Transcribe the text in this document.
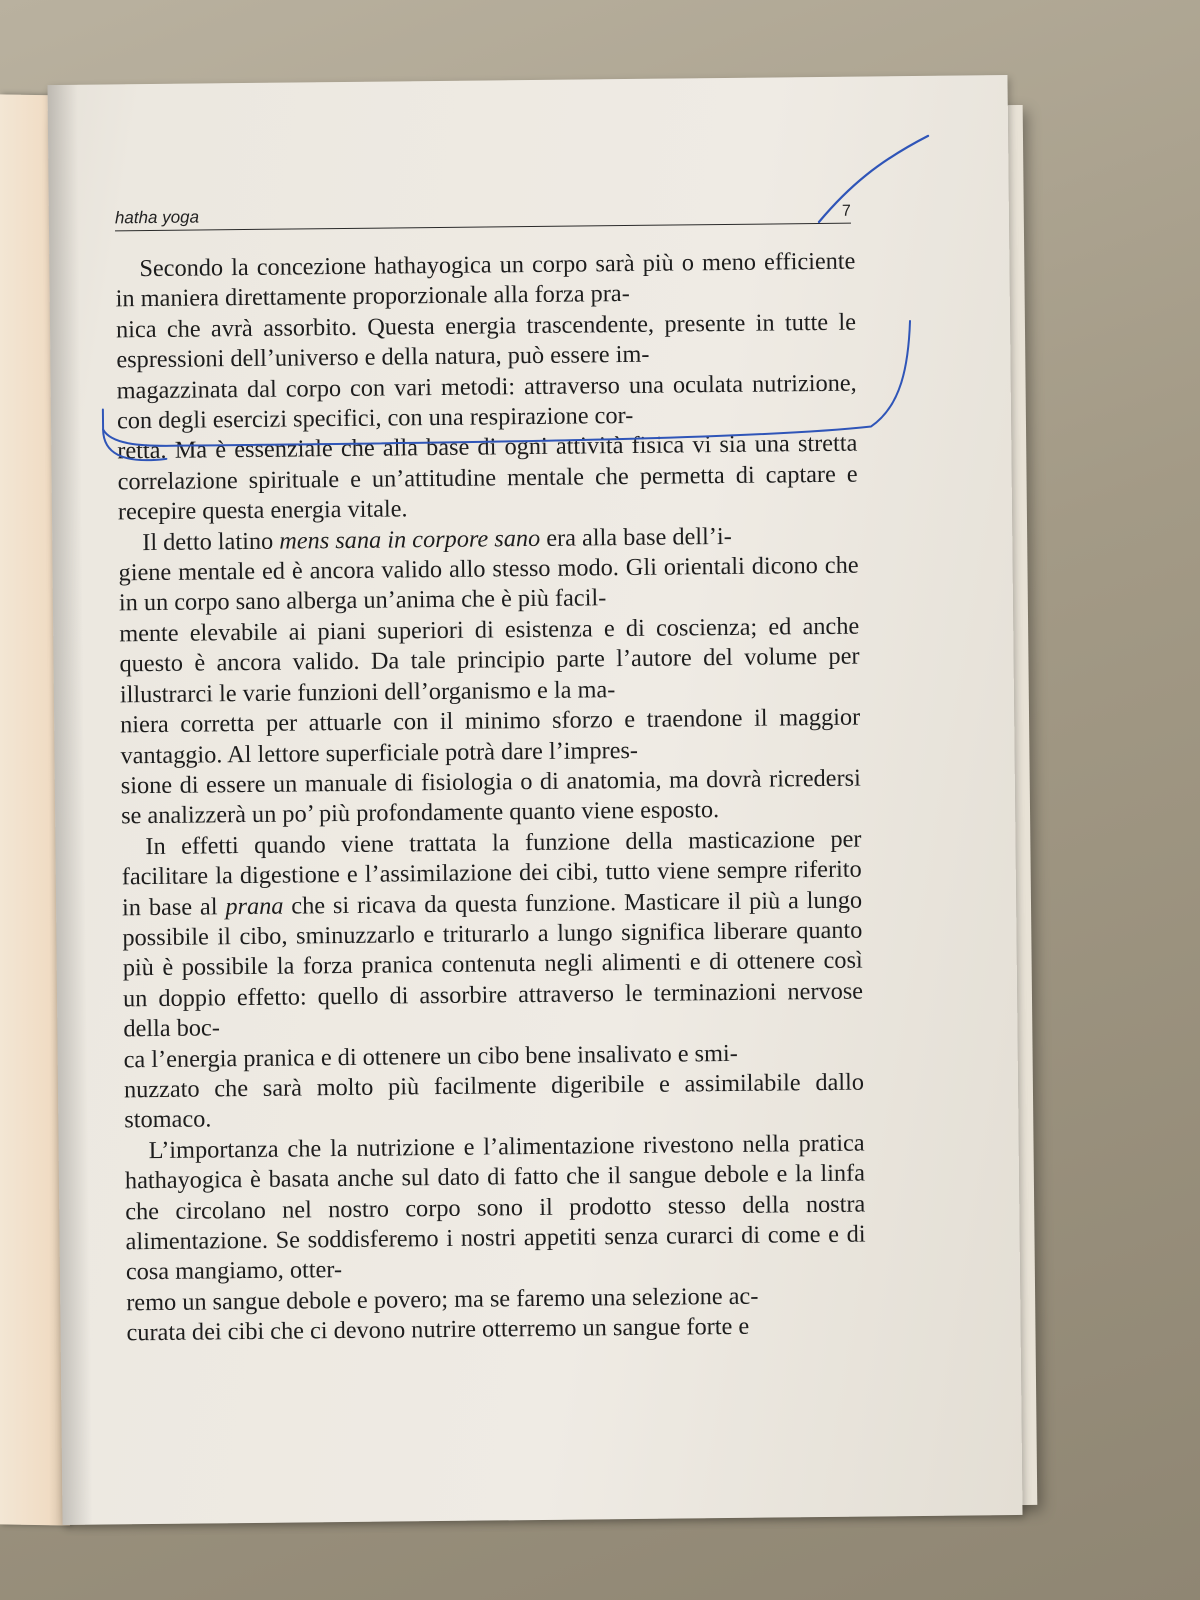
hatha yoga	7

Secondo la concezione hathayogica un corpo sarà più o meno efficiente in maniera direttamente proporzionale alla forza pra-
nica che avrà assorbito. Questa energia trascendente, presente in tutte le espressioni dell’universo e della natura, può essere im-
magazzinata dal corpo con vari metodi: attraverso una oculata nutrizione, con degli esercizi specifici, con una respirazione cor-
retta. Ma è essenziale che alla base di ogni attività fisica vi sia una stretta correlazione spirituale e un’attitudine mentale che permetta di captare e recepire questa energia vitale.

Il detto latino mens sana in corpore sano era alla base dell’i-
giene mentale ed è ancora valido allo stesso modo. Gli orientali dicono che in un corpo sano alberga un’anima che è più facil-
mente elevabile ai piani superiori di esistenza e di coscienza; ed anche questo è ancora valido. Da tale principio parte l’autore del volume per illustrarci le varie funzioni dell’organismo e la ma-
niera corretta per attuarle con il minimo sforzo e traendone il maggior vantaggio. Al lettore superficiale potrà dare l’impres-
sione di essere un manuale di fisiologia o di anatomia, ma dovrà ricredersi se analizzerà un po’ più profondamente quanto viene esposto.

In effetti quando viene trattata la funzione della masticazione per facilitare la digestione e l’assimilazione dei cibi, tutto viene sempre riferito in base al prana che si ricava da questa funzione. Masticare il più a lungo possibile il cibo, sminuzzarlo e triturarlo a lungo significa liberare quanto più è possibile la forza pranica contenuta negli alimenti e di ottenere così un doppio effetto: quello di assorbire attraverso le terminazioni nervose della boc-
ca l’energia pranica e di ottenere un cibo bene insalivato e smi-
nuzzato che sarà molto più facilmente digeribile e assimilabile dallo stomaco.

L’importanza che la nutrizione e l’alimentazione rivestono nella pratica hathayogica è basata anche sul dato di fatto che il sangue debole e la linfa che circolano nel nostro corpo sono il prodotto stesso della nostra alimentazione. Se soddisferemo i nostri appetiti senza curarci di come e di cosa mangiamo, otter-
remo un sangue debole e povero; ma se faremo una selezione ac-
curata dei cibi che ci devono nutrire otterremo un sangue forte e
